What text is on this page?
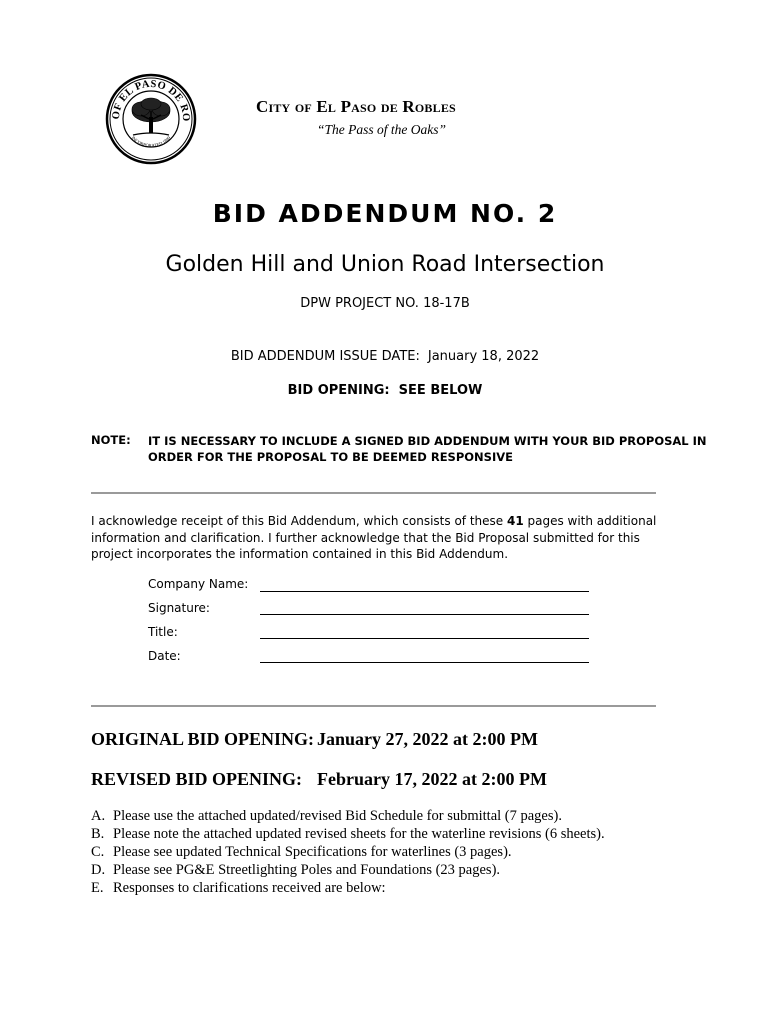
OF EL PASO DE RO
INCORPORATED 1889
City of El Paso de Robles
“The Pass of the Oaks”
BID ADDENDUM NO. 2
Golden Hill and Union Road Intersection
DPW PROJECT NO. 18-17B
BID ADDENDUM ISSUE DATE: January 18, 2022
BID OPENING:  SEE BELOW
NOTE: IT IS NECESSARY TO INCLUDE A SIGNED BID ADDENDUM WITH YOUR BID PROPOSAL IN ORDER FOR THE PROPOSAL TO BE DEEMED RESPONSIVE
I acknowledge receipt of this Bid Addendum, which consists of these 41 pages with additional information and clarification. I further acknowledge that the Bid Proposal submitted for this project incorporates the information contained in this Bid Addendum.
Company Name:
Signature:
Title:
Date:
ORIGINAL BID OPENING: January 27, 2022 at 2:00 PM
REVISED BID OPENING: February 17, 2022 at 2:00 PM
A. Please use the attached updated/revised Bid Schedule for submittal (7 pages).
B. Please note the attached updated revised sheets for the waterline revisions (6 sheets).
C. Please see updated Technical Specifications for waterlines (3 pages).
D. Please see PG&E Streetlighting Poles and Foundations (23 pages).
E. Responses to clarifications received are below:
